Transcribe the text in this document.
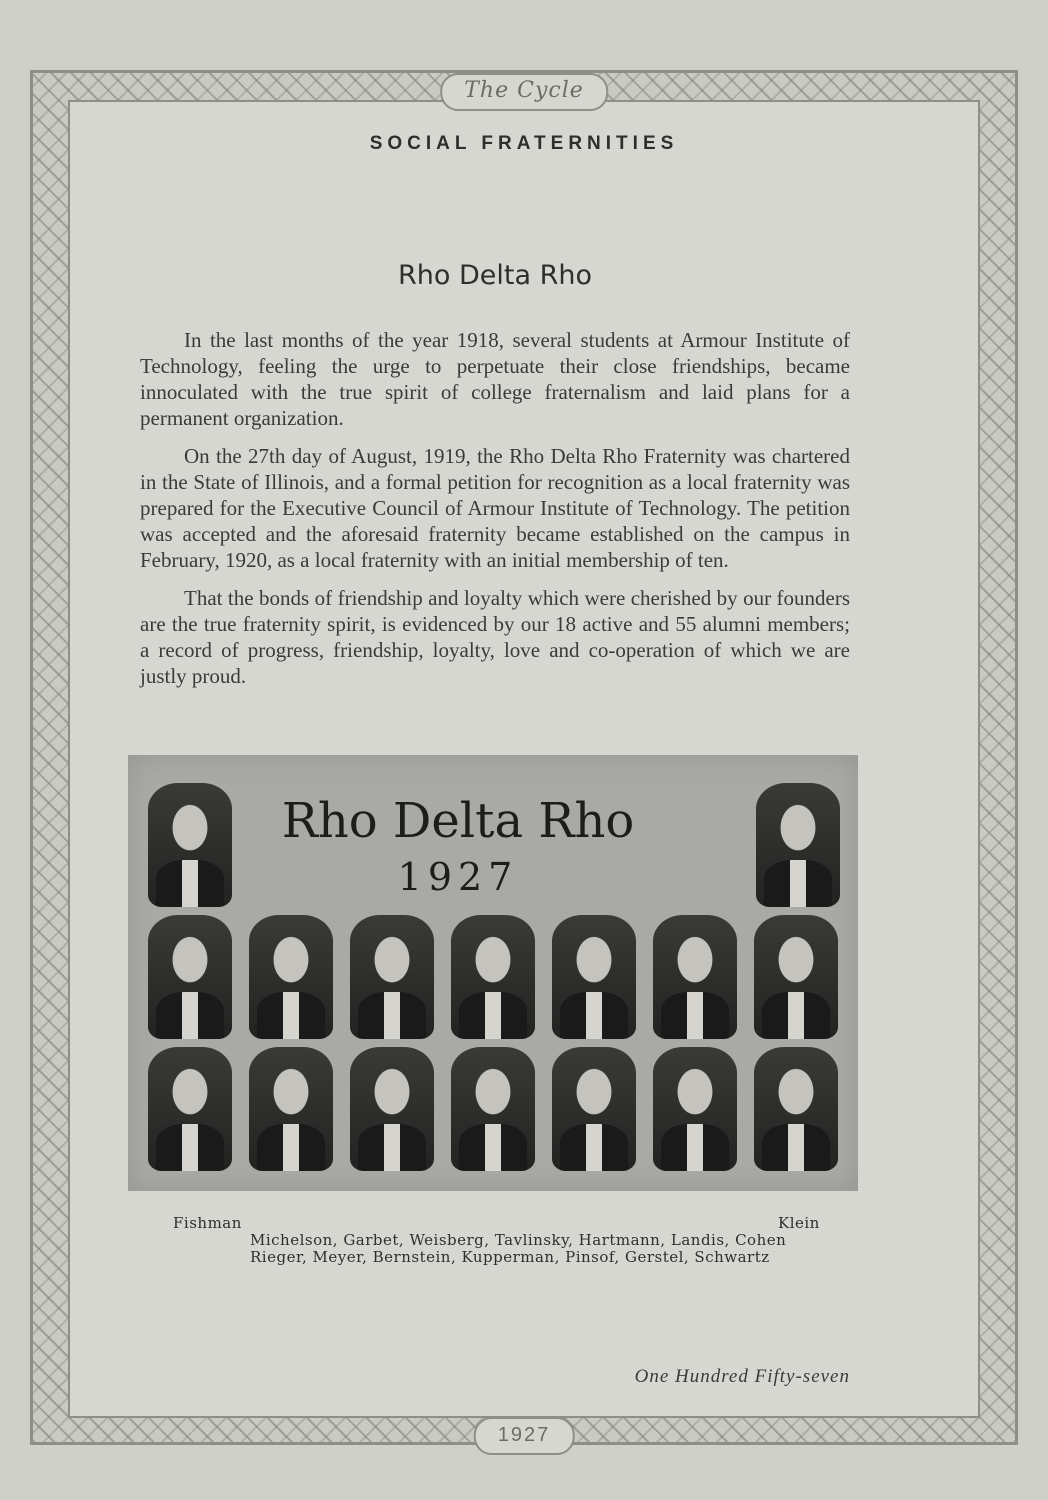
The Cycle
1927
SOCIAL FRATERNITIES
Rho Delta Rho

In the last months of the year 1918, several students at Armour Institute of Technology, feeling the urge to perpetuate their close friendships, became innoculated with the true spirit of college fraternalism and laid plans for a permanent organization.

On the 27th day of August, 1919, the Rho Delta Rho Fraternity was chartered in the State of Illinois, and a formal petition for recognition as a local fraternity was prepared for the Executive Council of Armour Institute of Technology. The petition was accepted and the aforesaid fraternity became established on the campus in February, 1920, as a local fraternity with an initial membership of ten.

That the bonds of friendship and loyalty which were cherished by our founders are the true fraternity spirit, is evidenced by our 18 active and 55 alumni members; a record of progress, friendship, loyalty, love and co-operation of which we are justly proud.

Rho Delta Rho
1927
Fishman	Klein
Michelson, Garbet, Weisberg, Tavlinsky, Hartmann, Landis, Cohen
Rieger, Meyer, Bernstein, Kupperman, Pinsof, Gerstel, Schwartz
One Hundred Fifty-seven
